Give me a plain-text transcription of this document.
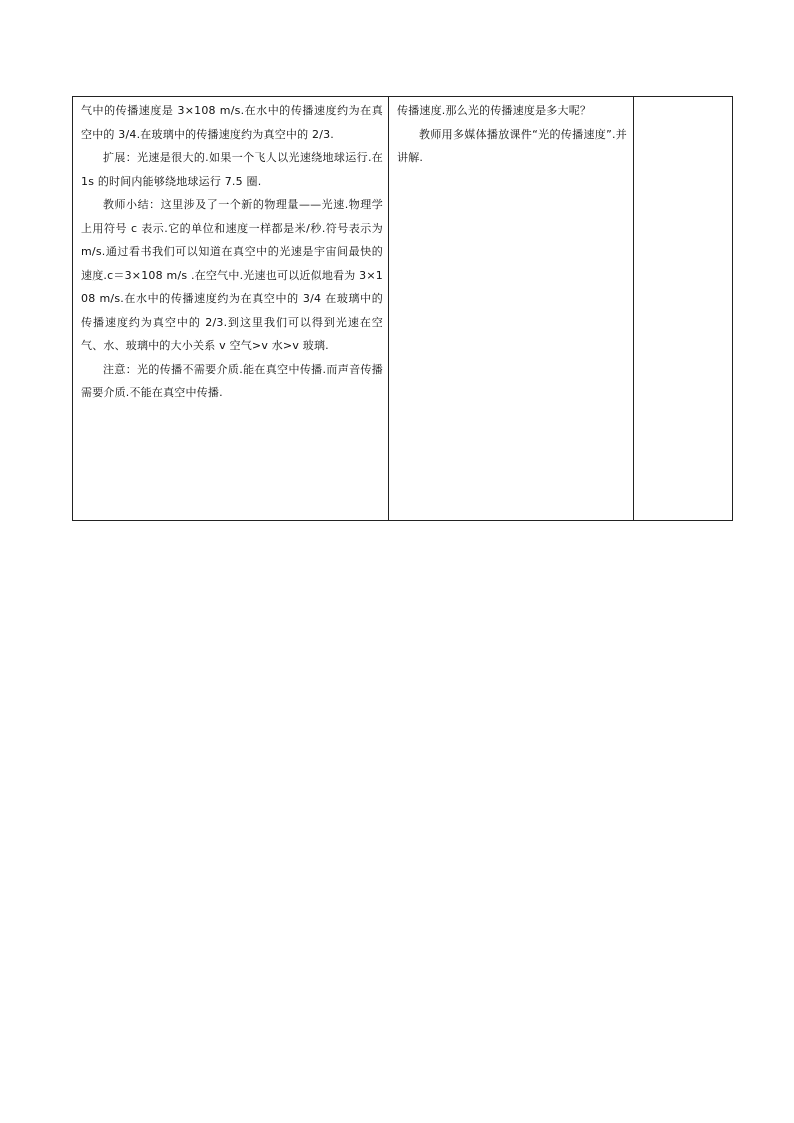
气中的传播速度是 3×108 m/s.在水中的传播速度约为在真空中的 3/4.在玻璃中的传播速度约为真空中的 2/3.

扩展：光速是很大的.如果一个飞人以光速绕地球运行.在 1s 的时间内能够绕地球运行 7.5 圈.

教师小结：这里涉及了一个新的物理量——光速.物理学上用符号 c 表示.它的单位和速度一样都是米/秒.符号表示为 m/s.通过看书我们可以知道在真空中的光速是宇宙间最快的速度.c＝3×108 m/s .在空气中.光速也可以近似地看为 3×108 m/s.在水中的传播速度约为在真空中的 3/4 在玻璃中的传播速度约为真空中的 2/3.到这里我们可以得到光速在空气、水、玻璃中的大小关系 v 空气>v 水>v 玻璃.

注意：光的传播不需要介质.能在真空中传播.而声音传播需要介质.不能在真空中传播.

传播速度.那么光的传播速度是多大呢？

教师用多媒体播放课件“光的传播速度”.并讲解.
